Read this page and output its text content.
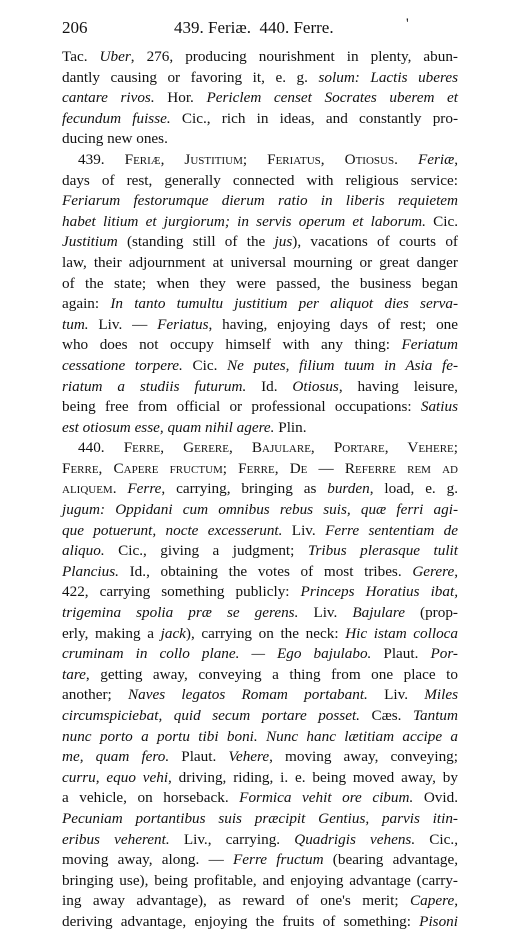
206	439. Feriæ.  440. Ferre.	'
Tac. Uber, 276, producing nourishment in plenty, abun-
dantly causing or favoring it, e. g. solum: Lactis uberes
cantare rivos. Hor. Periclem censet Socrates uberem et
fecundum fuisse. Cic., rich in ideas, and constantly pro-
ducing new ones.
439. Feriæ, Justitium; Feriatus, Otiosus. Feriæ,
days of rest, generally connected with religious service:
Feriarum festorumque dierum ratio in liberis requietem
habet litium et jurgiorum; in servis operum et laborum. Cic.
Justitium (standing still of the jus), vacations of courts of
law, their adjournment at universal mourning or great danger
of the state; when they were passed, the business began
again: In tanto tumultu justitium per aliquot dies serva-
tum. Liv. — Feriatus, having, enjoying days of rest; one
who does not occupy himself with any thing: Feriatum
cessatione torpere. Cic. Ne putes, filium tuum in Asia fe-
riatum a studiis futurum. Id. Otiosus, having leisure,
being free from official or professional occupations: Satius
est otiosum esse, quam nihil agere. Plin.
440. Ferre, Gerere, Bajulare, Portare, Vehere;
Ferre, Capere fructum; Ferre, De — Referre rem ad
aliquem. Ferre, carrying, bringing as burden, load, e. g.
jugum: Oppidani cum omnibus rebus suis, quæ ferri agi-
que potuerunt, nocte excesserunt. Liv. Ferre sententiam de
aliquo. Cic., giving a judgment; Tribus plerasque tulit
Plancius. Id., obtaining the votes of most tribes. Gerere,
422, carrying something publicly: Princeps Horatius ibat,
trigemina spolia præ se gerens. Liv. Bajulare (prop-
erly, making a jack), carrying on the neck: Hic istam colloca
cruminam in collo plane. — Ego bajulabo. Plaut. Por-
tare, getting away, conveying a thing from one place to
another; Naves legatos Romam portabant. Liv. Miles
circumspiciebat, quid secum portare posset. Cæs. Tantum
nunc porto a portu tibi boni. Nunc hanc lætitiam accipe a
me, quam fero. Plaut. Vehere, moving away, conveying;
curru, equo vehi, driving, riding, i. e. being moved away, by
a vehicle, on horseback. Formica vehit ore cibum. Ovid.
Pecuniam portantibus suis præcipit Gentius, parvis itin-
eribus veherent. Liv., carrying. Quadrigis vehens. Cic.,
moving away, along. — Ferre fructum (bearing advantage,
bringing use), being profitable, and enjoying advantage (carry-
ing away advantage), as reward of one's merit; Capere,
deriving advantage, enjoying the fruits of something: Pisoni
